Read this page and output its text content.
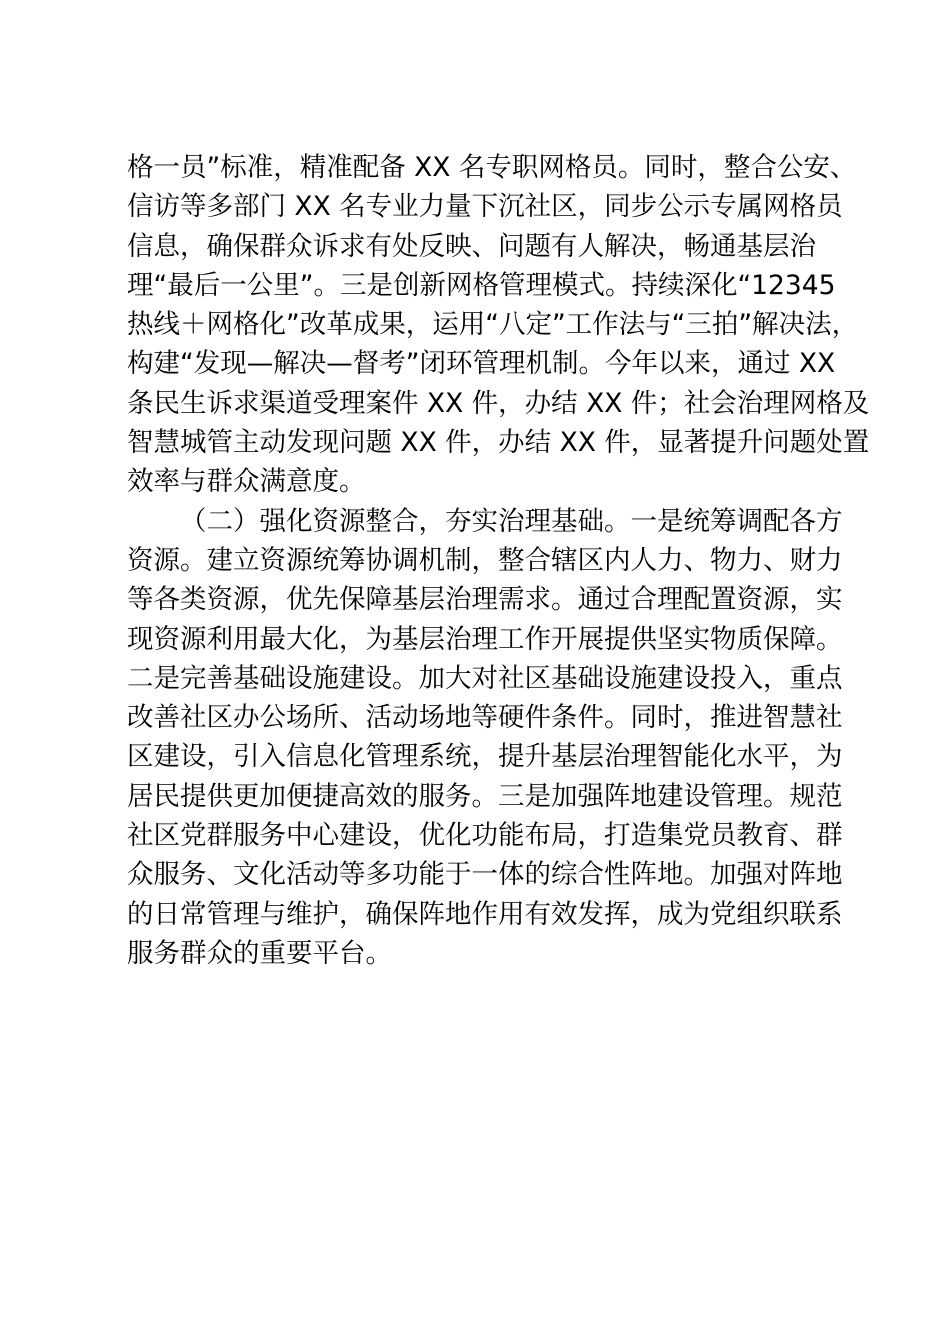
格一员”标准，精准配备 XX 名专职网格员。同时，整合公安、
信访等多部门 XX 名专业力量下沉社区，同步公示专属网格员
信息，确保群众诉求有处反映、问题有人解决，畅通基层治
理“最后一公里”。三是创新网格管理模式。持续深化“12345
热线＋网格化”改革成果，运用“八定”工作法与“三拍”解决法，
构建“发现—解决—督考”闭环管理机制。今年以来，通过 XX
条民生诉求渠道受理案件 XX 件，办结 XX 件；社会治理网格及
智慧城管主动发现问题 XX 件，办结 XX 件，显著提升问题处置
效率与群众满意度。
（二）强化资源整合，夯实治理基础。一是统筹调配各方
资源。建立资源统筹协调机制，整合辖区内人力、物力、财力
等各类资源，优先保障基层治理需求。通过合理配置资源，实
现资源利用最大化，为基层治理工作开展提供坚实物质保障。
二是完善基础设施建设。加大对社区基础设施建设投入，重点
改善社区办公场所、活动场地等硬件条件。同时，推进智慧社
区建设，引入信息化管理系统，提升基层治理智能化水平，为
居民提供更加便捷高效的服务。三是加强阵地建设管理。规范
社区党群服务中心建设，优化功能布局，打造集党员教育、群
众服务、文化活动等多功能于一体的综合性阵地。加强对阵地
的日常管理与维护，确保阵地作用有效发挥，成为党组织联系
服务群众的重要平台。
